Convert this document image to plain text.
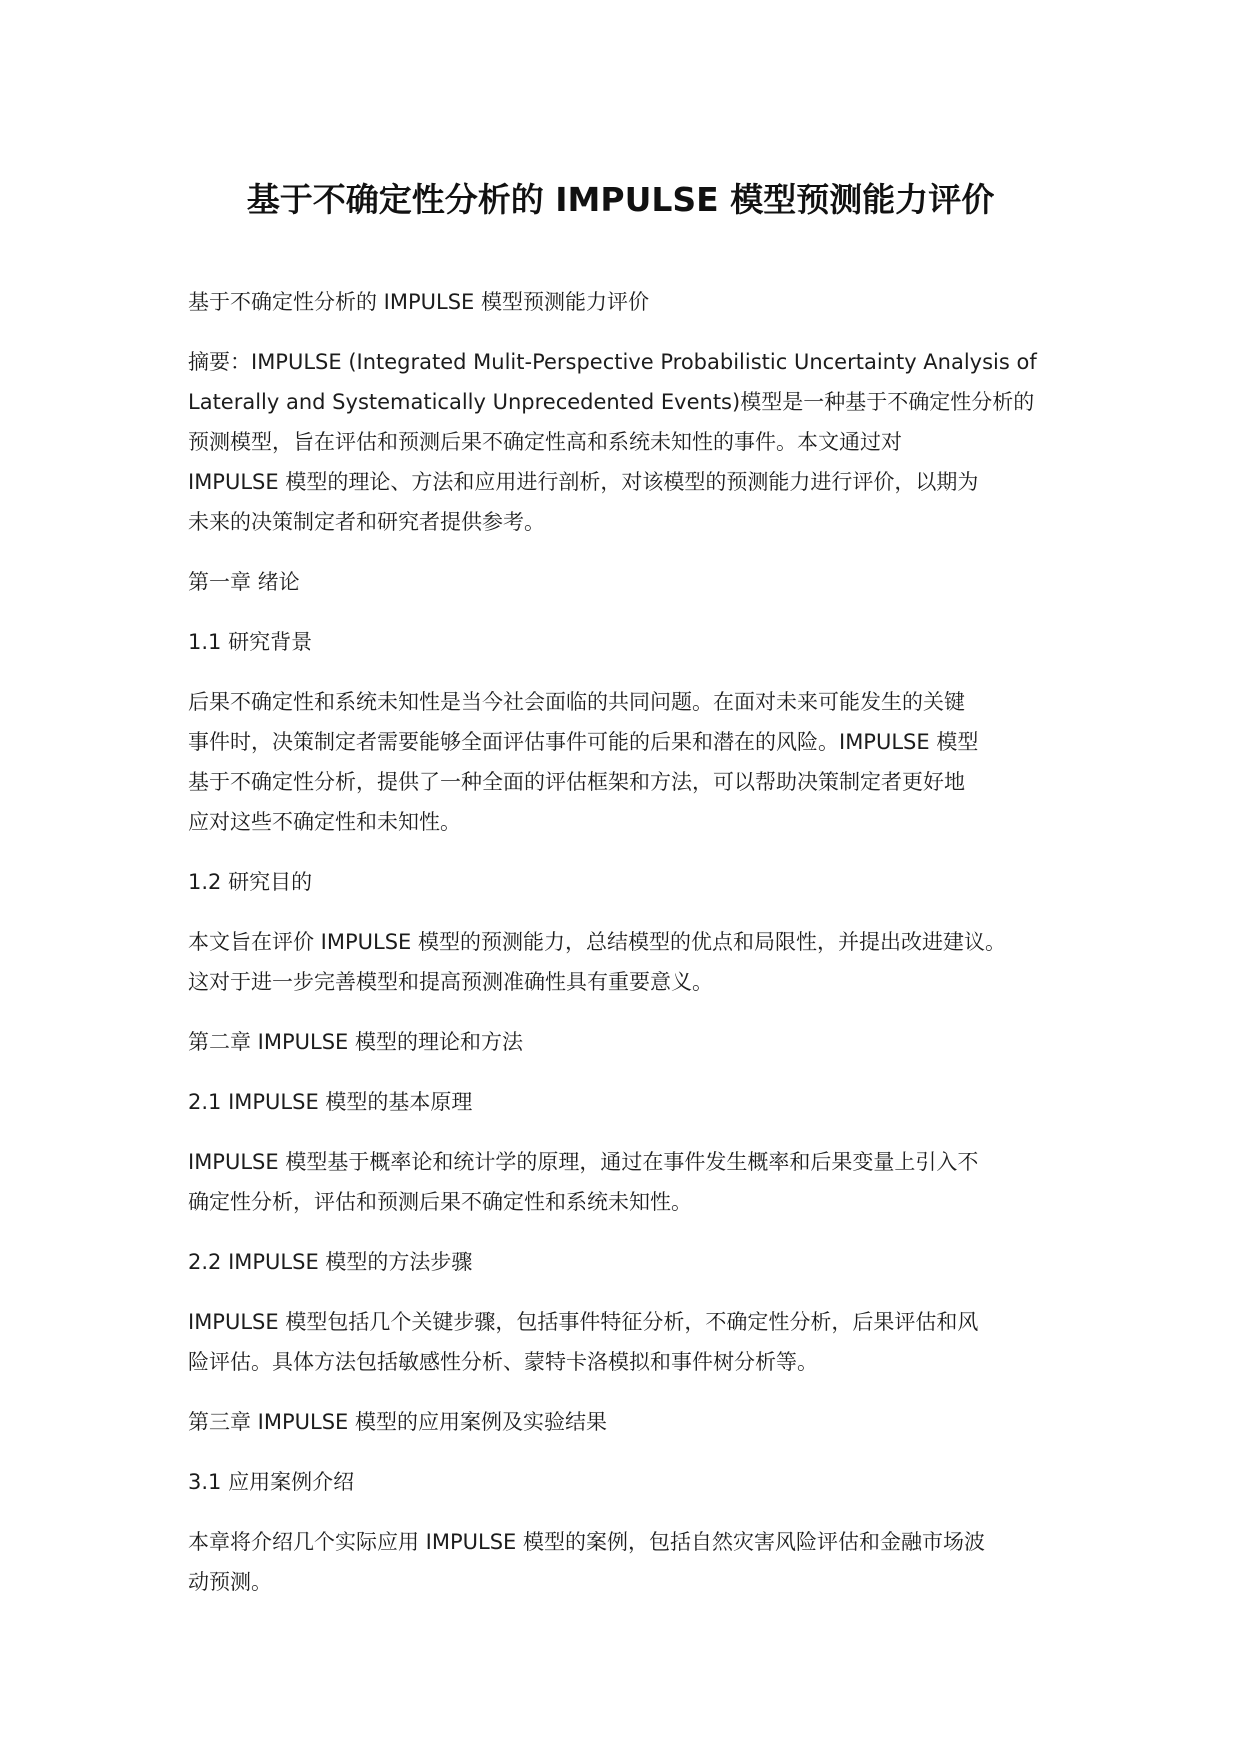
基于不确定性分析的 IMPULSE 模型预测能力评价

基于不确定性分析的 IMPULSE 模型预测能力评价

摘要：IMPULSE (Integrated Mulit-Perspective Probabilistic Uncertainty Analysis of
Laterally and Systematically Unprecedented Events)模型是一种基于不确定性分析的
预测模型，旨在评估和预测后果不确定性高和系统未知性的事件。本文通过对
IMPULSE 模型的理论、方法和应用进行剖析，对该模型的预测能力进行评价，以期为
未来的决策制定者和研究者提供参考。

第一章 绪论

1.1 研究背景

后果不确定性和系统未知性是当今社会面临的共同问题。在面对未来可能发生的关键
事件时，决策制定者需要能够全面评估事件可能的后果和潜在的风险。IMPULSE 模型
基于不确定性分析，提供了一种全面的评估框架和方法，可以帮助决策制定者更好地
应对这些不确定性和未知性。

1.2 研究目的

本文旨在评价 IMPULSE 模型的预测能力，总结模型的优点和局限性，并提出改进建议。
这对于进一步完善模型和提高预测准确性具有重要意义。

第二章 IMPULSE 模型的理论和方法

2.1 IMPULSE 模型的基本原理

IMPULSE 模型基于概率论和统计学的原理，通过在事件发生概率和后果变量上引入不
确定性分析，评估和预测后果不确定性和系统未知性。

2.2 IMPULSE 模型的方法步骤

IMPULSE 模型包括几个关键步骤，包括事件特征分析，不确定性分析，后果评估和风
险评估。具体方法包括敏感性分析、蒙特卡洛模拟和事件树分析等。

第三章 IMPULSE 模型的应用案例及实验结果

3.1 应用案例介绍

本章将介绍几个实际应用 IMPULSE 模型的案例，包括自然灾害风险评估和金融市场波
动预测。
